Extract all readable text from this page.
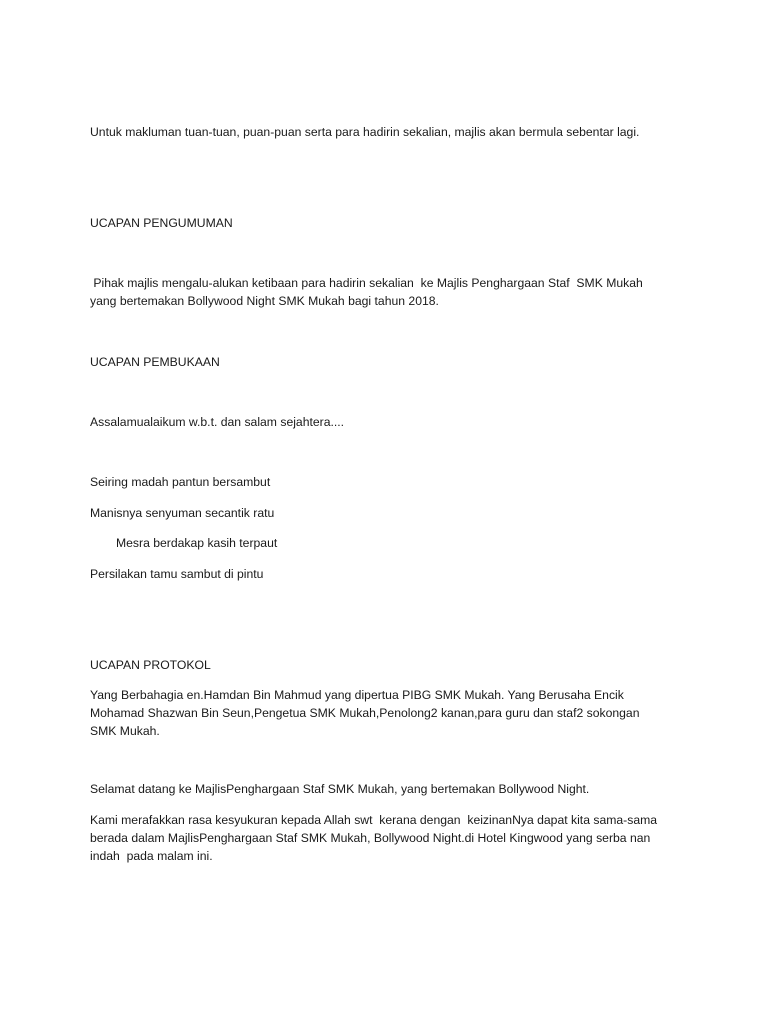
Untuk makluman tuan-tuan, puan-puan serta para hadirin sekalian, majlis akan bermula sebentar lagi.
UCAPAN PENGUMUMAN
Pihak majlis mengalu-alukan ketibaan para hadirin sekalian  ke Majlis Penghargaan Staf  SMK Mukah
yang bertemakan Bollywood Night SMK Mukah bagi tahun 2018.
UCAPAN PEMBUKAAN
Assalamualaikum w.b.t. dan salam sejahtera....
Seiring madah pantun bersambut
Manisnya senyuman secantik ratu
Mesra berdakap kasih terpaut
Persilakan tamu sambut di pintu
UCAPAN PROTOKOL
Yang Berbahagia en.Hamdan Bin Mahmud yang dipertua PIBG SMK Mukah. Yang Berusaha Encik
Mohamad Shazwan Bin Seun,Pengetua SMK Mukah,Penolong2 kanan,para guru dan staf2 sokongan
SMK Mukah.
Selamat datang ke MajlisPenghargaan Staf SMK Mukah, yang bertemakan Bollywood Night.
Kami merafakkan rasa kesyukuran kepada Allah swt  kerana dengan  keizinanNya dapat kita sama-sama
berada dalam MajlisPenghargaan Staf SMK Mukah, Bollywood Night.di Hotel Kingwood yang serba nan
indah  pada malam ini.
